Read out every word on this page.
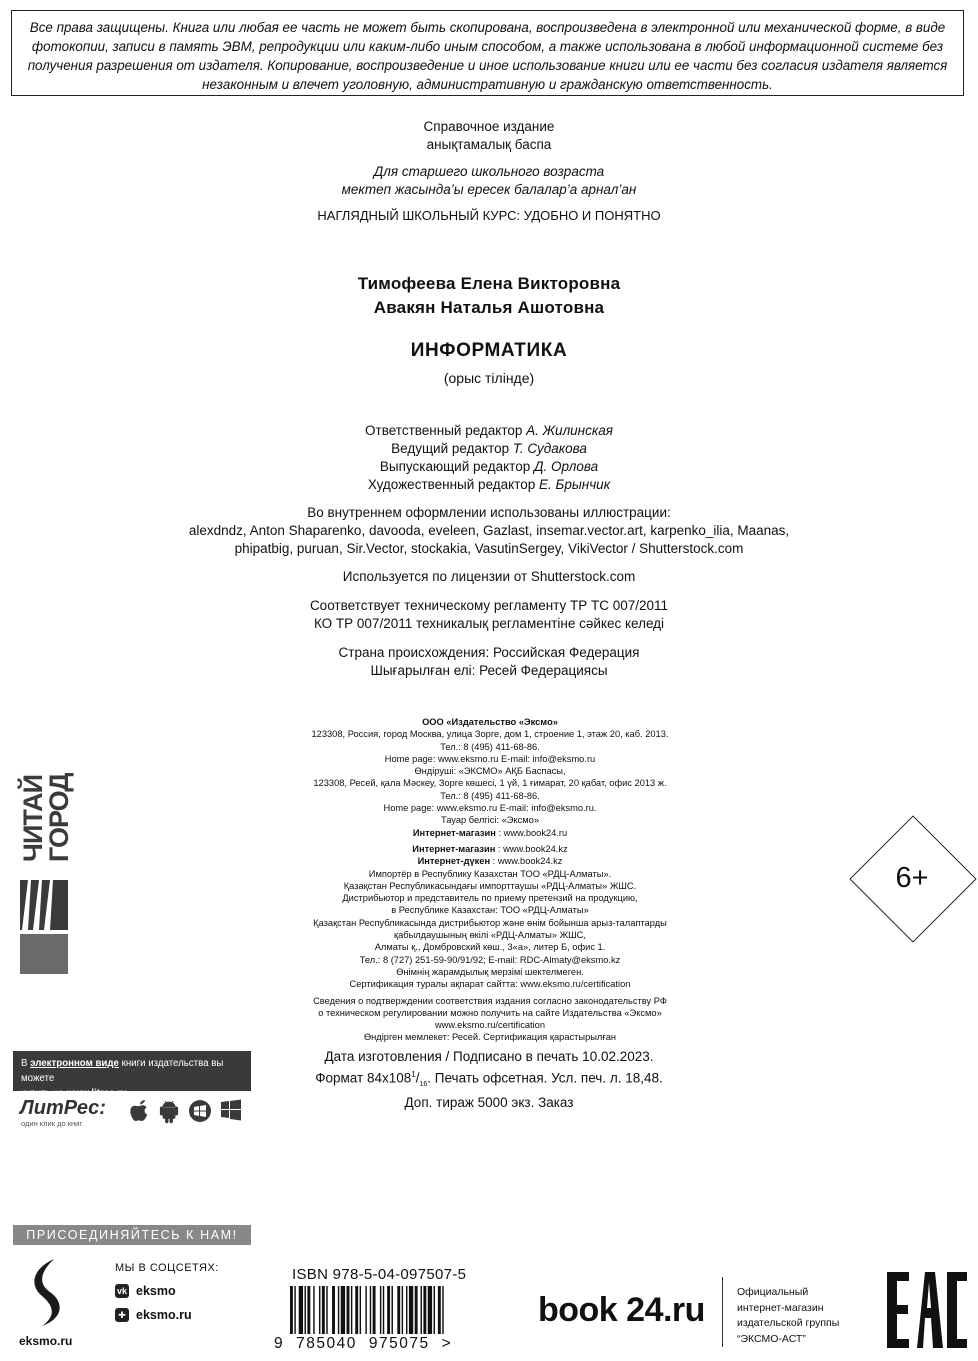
Все права защищены. Книга или любая ее часть не может быть скопирована, воспроизведена в электронной или механической форме, в виде фотокопии, записи в память ЭВМ, репродукции или каким-либо иным способом, а также использована в любой информационной системе без получения разрешения от издателя. Копирование, воспроизведение и иное использование книги или ее части без согласия издателя является незаконным и влечет уголовную, административную и гражданскую ответственность.
Справочное издание
анықтамалық баспа
Для старшего школьного возраста
мектеп жасында’ы ересек балалар’а арнал’ан
НАГЛЯДНЫЙ ШКОЛЬНЫЙ КУРС: УДОБНО И ПОНЯТНО
Тимофеева Елена Викторовна
Авакян Наталья Ашотовна
ИНФОРМАТИКА
(орыс тілінде)
Ответственный редактор А. Жилинская
Ведущий редактор Т. Судакова
Выпускающий редактор Д. Орлова
Художественный редактор Е. Брынчик
Во внутреннем оформлении использованы иллюстрации:
alexdndz, Anton Shaparenko, davooda, eveleen, Gazlast, insemar.vector.art, karpenko_ilia, Maanas,
phipatbig, puruan, Sir.Vector, stockakia, VasutinSergey, VikiVector / Shutterstock.com
Используется по лицензии от Shutterstock.com
Соответствует техническому регламенту ТР ТС 007/2011
КО ТР 007/2011 техникалық регламентіне сәйкес келеді
Страна происхождения: Российская Федерация
Шығарылған елі: Ресей Федерациясы
ООО «Издательство «Эксмо»
123308, Россия, город Москва, улица Зорге, дом 1, строение 1, этаж 20, каб. 2013.
Тел.: 8 (495) 411-68-86.
Home page: www.eksmo.ru E-mail: info@eksmo.ru
Өндіруші: «ЭКСМО» АҚБ Баспасы,
123308, Ресей, қала Мәскеу, Зорге көшесі, 1 үй, 1 ғимарат, 20 қабат, офис 2013 ж.
Тел.: 8 (495) 411-68-86.
Home page: www.eksmo.ru E-mail: info@eksmo.ru.
Тауар белгісі: «Эксмо»
Интернет-магазин : www.book24.ru
Интернет-магазин : www.book24.kz
Интернет-дүкен : www.book24.kz
Импортёр в Республику Казахстан ТОО «РДЦ-Алматы».
Қазақстан Республикасындағы импорттаушы «РДЦ-Алматы» ЖШС.
Дистрибьютор и представитель по приему претензий на продукцию,
в Республике Казахстан: ТОО «РДЦ-Алматы»
Қазақстан Республикасында дистрибьютор және өнім бойынша арыз-талаптарды
қабылдаушының өкілі «РДЦ-Алматы» ЖШС,
Алматы қ., Домбровский көш., 3«а», литер Б, офис 1.
Тел.: 8 (727) 251-59-90/91/92; E-mail: RDC-Almaty@eksmo.kz
Өнімнің жарамдылық мерзімі шектелмеген.
Сертификация туралы ақпарат сайтта: www.eksmo.ru/certification
Сведения о подтверждении соответствия издания согласно законодательству РФ
о техническом регулировании можно получить на сайте Издательства «Эксмо»
www.eksmo.ru/certification
Өндірген мемлекет: Ресей. Сертификация қарастырылған
Дата изготовления / Подписано в печать 10.02.2023.
Формат $84x108^1/_{16}$. Печать офсетная. Усл. печ. л. 18,48.
Доп. тираж 5000 экз. Заказ
6+
ЧИТАЙ
ГОРОД
В электронном виде книги издательства вы можете
купить на www.litres.ru
ЛитРес:
один клик до книг
ПРИСОЕДИНЯЙТЕСЬ К НАМ!
eksmo.ru
МЫ В СОЦСЕТЯХ:
vk eksmo
✚ eksmo.ru
ISBN 978-5-04-097507-5
9 785040 975075 >
book 24.ru	Официальный
интернет-магазин
издательской группы
“ЭКСМО-АСТ”
